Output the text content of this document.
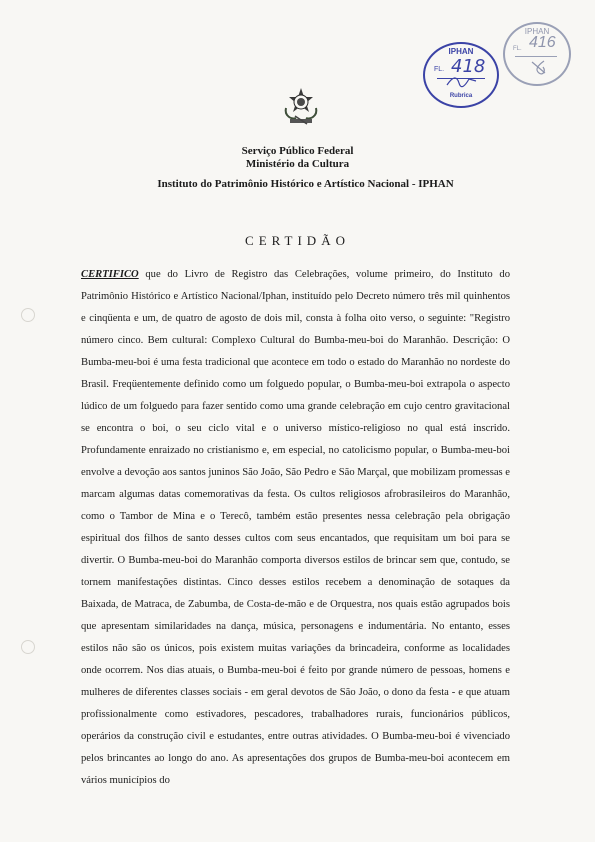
IPHAN
FL. 418
Rubrica
IPHAN
FL. 416
Serviço Público Federal
Ministério da Cultura
Instituto do Patrimônio Histórico e Artístico Nacional - IPHAN
CERTIDÃO
CERTIFICO que do Livro de Registro das Celebrações, volume primeiro, do Instituto do Patrimônio Histórico e Artístico Nacional/Iphan, instituído pelo Decreto número três mil quinhentos e cinqüenta e um, de quatro de agosto de dois mil, consta à folha oito verso, o seguinte: "Registro número cinco. Bem cultural: Complexo Cultural do Bumba-meu-boi do Maranhão. Descrição: O Bumba-meu-boi é uma festa tradicional que acontece em todo o estado do Maranhão no nordeste do Brasil. Freqüentemente definido como um folguedo popular, o Bumba-meu-boi extrapola o aspecto lúdico de um folguedo para fazer sentido como uma grande celebração em cujo centro gravitacional se encontra o boi, o seu ciclo vital e o universo místico-religioso no qual está inscrido. Profundamente enraizado no cristianismo e, em especial, no catolicismo popular, o Bumba-meu-boi envolve a devoção aos santos juninos São João, São Pedro e São Marçal, que mobilizam promessas e marcam algumas datas comemorativas da festa. Os cultos religiosos afrobrasileiros do Maranhão, como o Tambor de Mina e o Terecô, também estão presentes nessa celebração pela obrigação espiritual dos filhos de santo desses cultos com seus encantados, que requisitam um boi para se divertir. O Bumba-meu-boi do Maranhão comporta diversos estilos de brincar sem que, contudo, se tornem manifestações distintas. Cinco desses estilos recebem a denominação de sotaques da Baixada, de Matraca, de Zabumba, de Costa-de-mão e de Orquestra, nos quais estão agrupados bois que apresentam similaridades na dança, música, personagens e indumentária. No entanto, esses estilos não são os únicos, pois existem muitas variações da brincadeira, conforme as localidades onde ocorrem. Nos dias atuais, o Bumba-meu-boi é feito por grande número de pessoas, homens e mulheres de diferentes classes sociais - em geral devotos de São João, o dono da festa - e que atuam profissionalmente como estivadores, pescadores, trabalhadores rurais, funcionários públicos, operários da construção civil e estudantes, entre outras atividades. O Bumba-meu-boi é vivenciado pelos brincantes ao longo do ano. As apresentações dos grupos de Bumba-meu-boi acontecem em vários municípios do
